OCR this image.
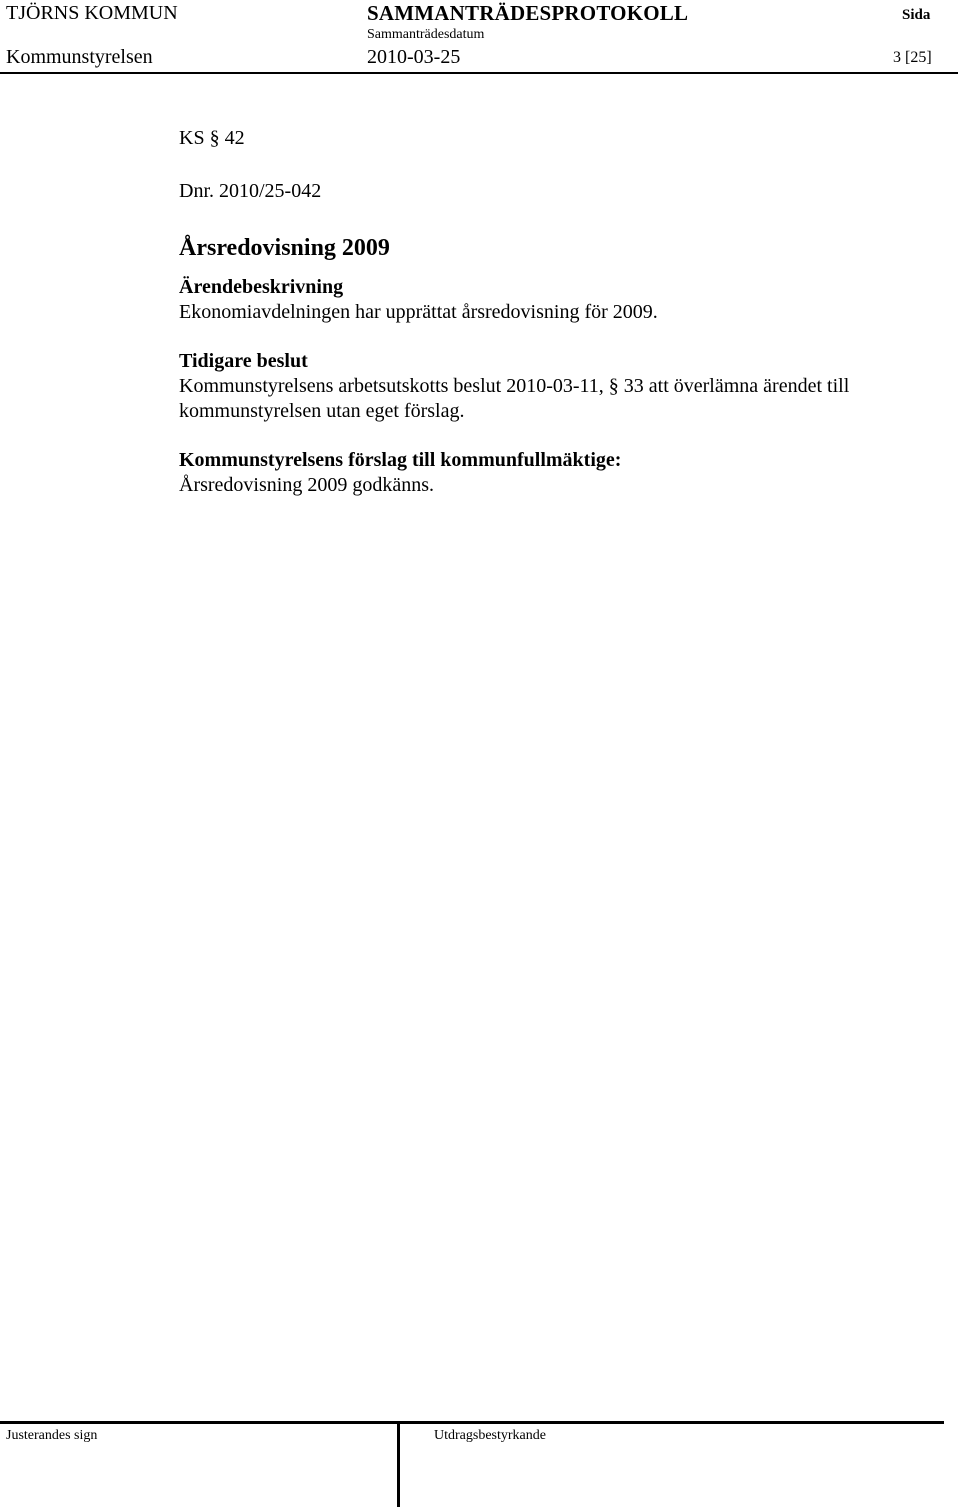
TJÖRNS KOMMUN	SAMMANTRÄDESPROTOKOLL	Sida
Sammanträdesdatum
Kommunstyrelsen	2010-03-25	3 [25]

KS § 42

Dnr. 2010/25-042

Årsredovisning 2009

Ärendebeskrivning

Ekonomiavdelningen har upprättat årsredovisning för 2009.

Tidigare beslut

Kommunstyrelsens arbetsutskotts beslut 2010-03-11, § 33 att överlämna ärendet till kommunstyrelsen utan eget förslag.

Kommunstyrelsens förslag till kommunfullmäktige:

Årsredovisning 2009 godkänns.

Justerandes sign	Utdragsbestyrkande
